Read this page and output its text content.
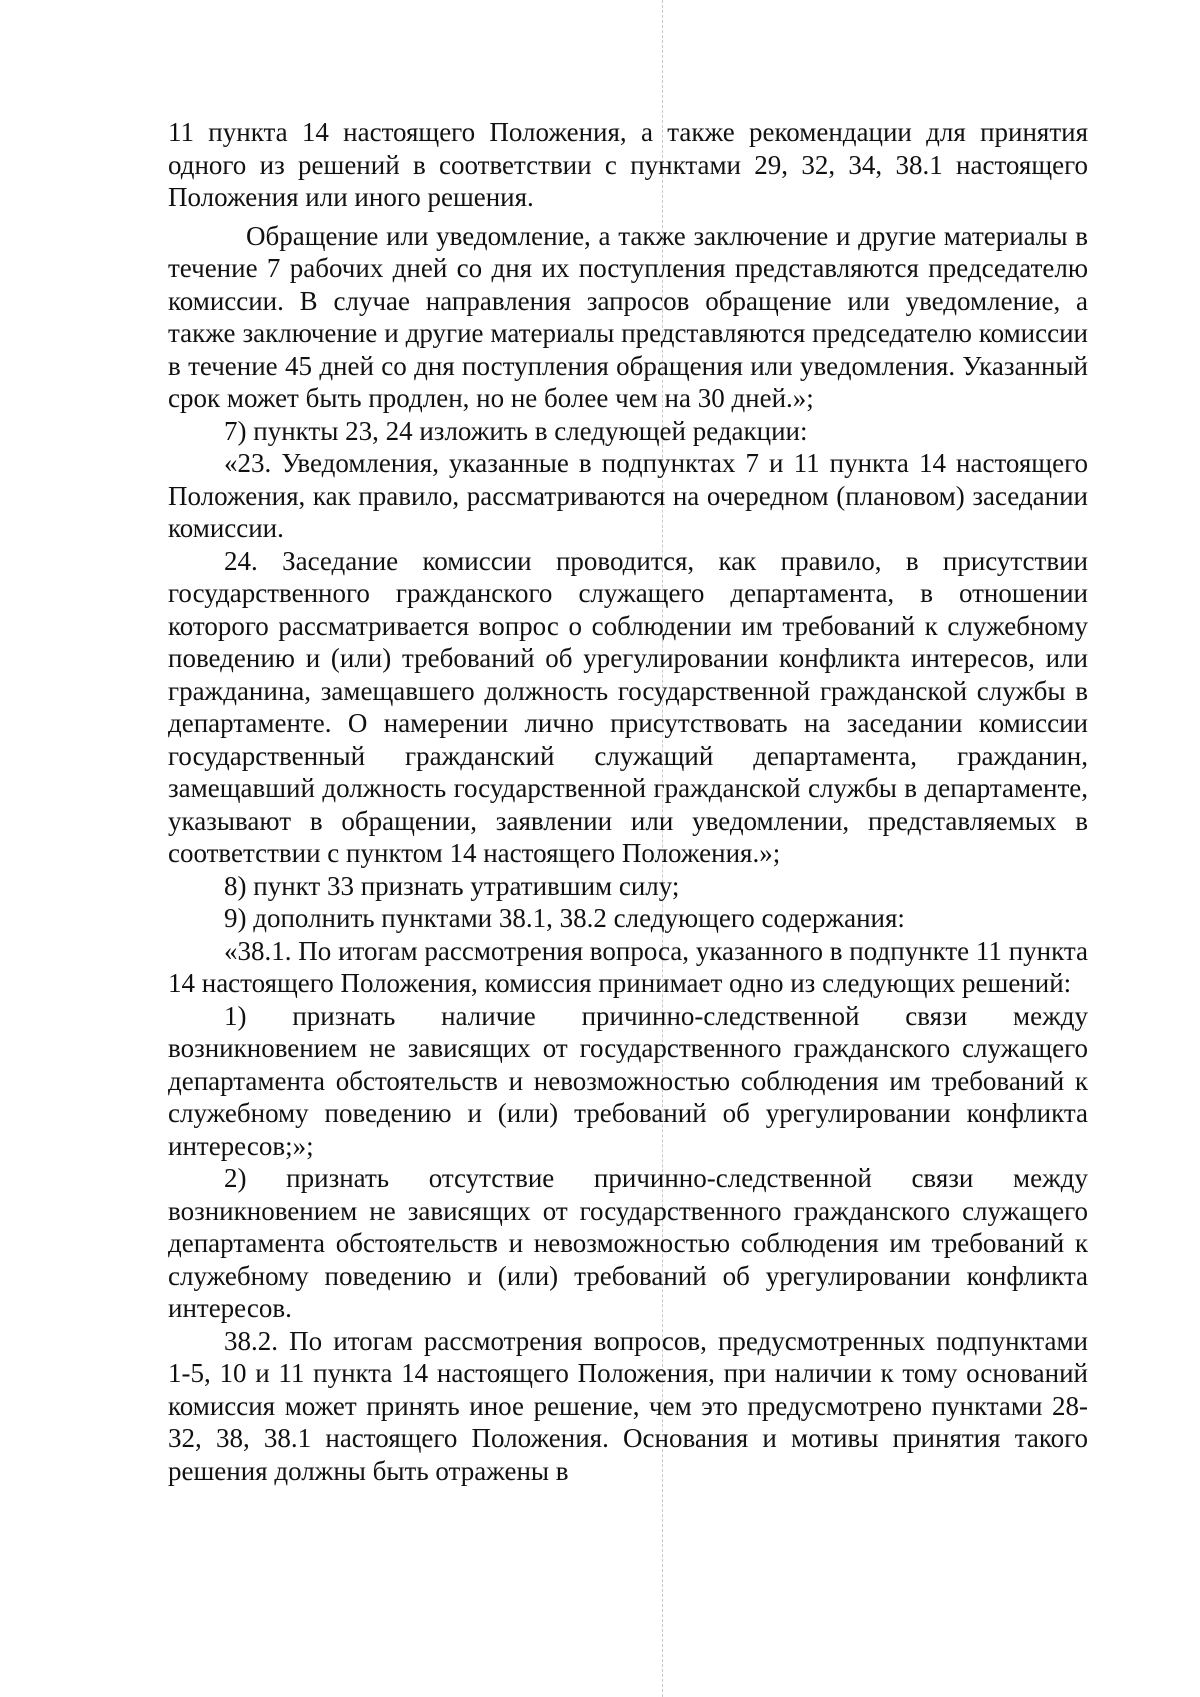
11 пункта 14 настоящего Положения, а также рекомендации для принятия одного из решений в соответствии с пунктами 29, 32, 34, 38.1 настоящего Положения или иного решения.

Обращение или уведомление, а также заключение и другие материалы в течение 7 рабочих дней со дня их поступления представляются председателю комиссии. В случае направления запросов обращение или уведомление, а также заключение и другие материалы представляются председателю комиссии в течение 45 дней со дня поступления обращения или уведомления. Указанный срок может быть продлен, но не более чем на 30 дней.»;

7) пункты 23, 24 изложить в следующей редакции:

«23. Уведомления, указанные в подпунктах 7 и 11 пункта 14 настоящего Положения, как правило, рассматриваются на очередном (плановом) заседании комиссии.

24. Заседание комиссии проводится, как правило, в присутствии государственного гражданского служащего департамента, в отношении которого рассматривается вопрос о соблюдении им требований к служебному поведению и (или) требований об урегулировании конфликта интересов, или гражданина, замещавшего должность государственной гражданской службы в департаменте. О намерении лично присутствовать на заседании комиссии государственный гражданский служащий департамента, гражданин, замещавший должность государственной гражданской службы в департаменте, указывают в обращении, заявлении или уведомлении, представляемых в соответствии с пунктом 14 настоящего Положения.»;

8) пункт 33 признать утратившим силу;

9) дополнить пунктами 38.1, 38.2 следующего содержания:

«38.1. По итогам рассмотрения вопроса, указанного в подпункте 11 пункта 14 настоящего Положения, комиссия принимает одно из следующих решений:

1) признать наличие причинно-следственной связи между возникновением не зависящих от государственного гражданского служащего департамента обстоятельств и невозможностью соблюдения им требований к служебному поведению и (или) требований об урегулировании конфликта интересов;»;

2) признать отсутствие причинно-следственной связи между возникновением не зависящих от государственного гражданского служащего департамента обстоятельств и невозможностью соблюдения им требований к служебному поведению и (или) требований об урегулировании конфликта интересов.

38.2. По итогам рассмотрения вопросов, предусмотренных подпунктами 1-5, 10 и 11 пункта 14 настоящего Положения, при наличии к тому оснований комиссия может принять иное решение, чем это предусмотрено пунктами 28-32, 38, 38.1 настоящего Положения. Основания и мотивы принятия такого решения должны быть отражены в
